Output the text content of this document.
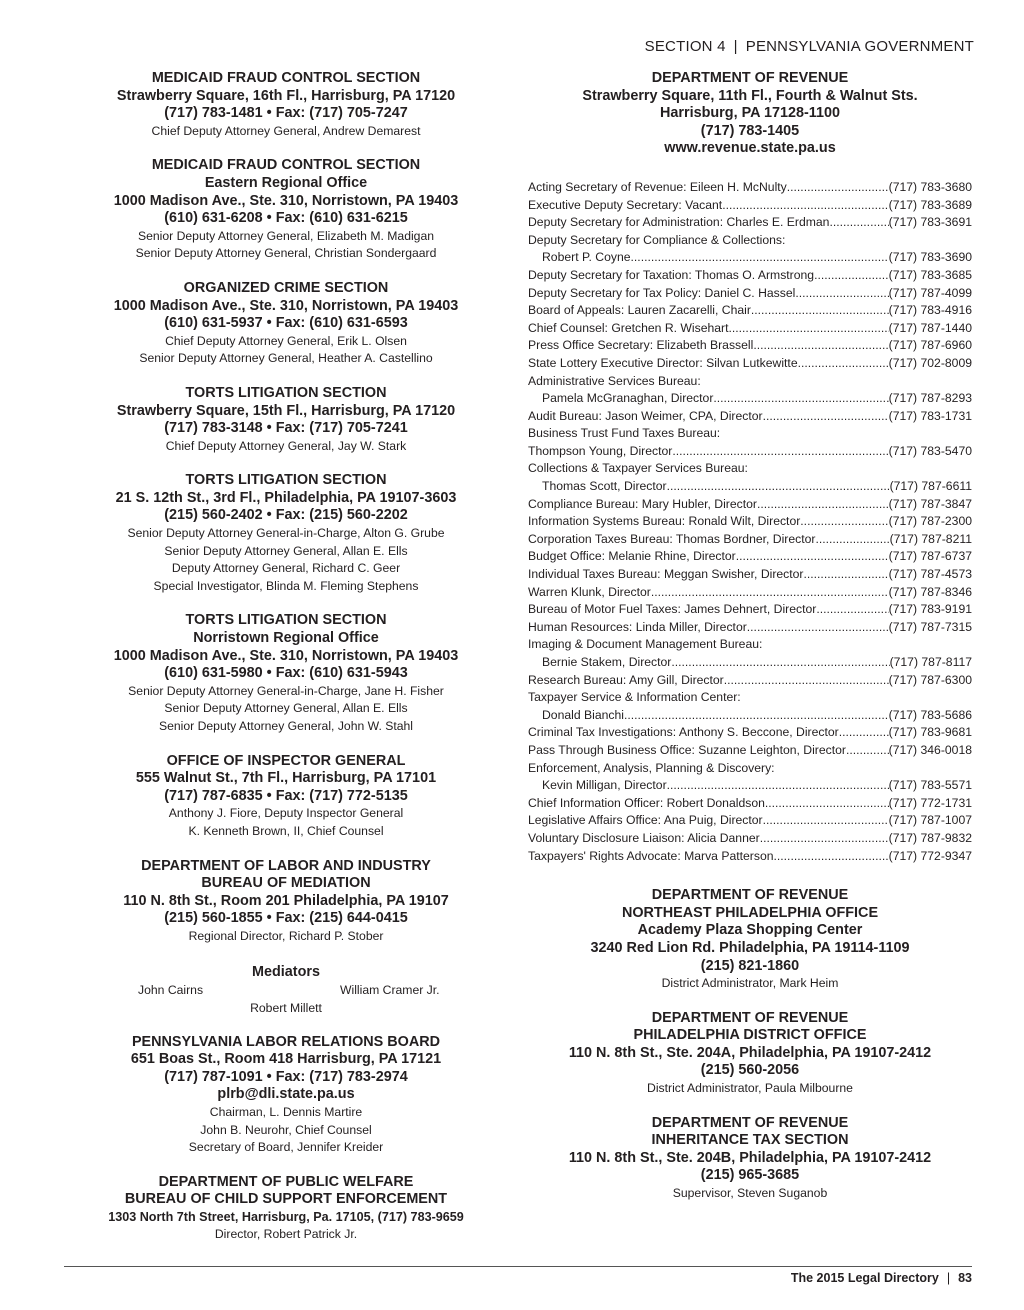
SECTION 4 | PENNSYLVANIA GOVERNMENT
MEDICAID FRAUD CONTROL SECTION
Strawberry Square, 16th Fl., Harrisburg, PA 17120
(717) 783-1481 • Fax: (717) 705-7247
Chief Deputy Attorney General, Andrew Demarest
MEDICAID FRAUD CONTROL SECTION
Eastern Regional Office
1000 Madison Ave., Ste. 310, Norristown, PA 19403
(610) 631-6208 • Fax: (610) 631-6215
Senior Deputy Attorney General, Elizabeth M. Madigan
Senior Deputy Attorney General, Christian Sondergaard
ORGANIZED CRIME SECTION
1000 Madison Ave., Ste. 310, Norristown, PA 19403
(610) 631-5937 • Fax: (610) 631-6593
Chief Deputy Attorney General, Erik L. Olsen
Senior Deputy Attorney General, Heather A. Castellino
TORTS LITIGATION SECTION
Strawberry Square, 15th Fl., Harrisburg, PA 17120
(717) 783-3148 • Fax: (717) 705-7241
Chief Deputy Attorney General, Jay W. Stark
TORTS LITIGATION SECTION
21 S. 12th St., 3rd Fl., Philadelphia, PA 19107-3603
(215) 560-2402 • Fax: (215) 560-2202
Senior Deputy Attorney General-in-Charge, Alton G. Grube
Senior Deputy Attorney General, Allan E. Ells
Deputy Attorney General, Richard C. Geer
Special Investigator, Blinda M. Fleming Stephens
TORTS LITIGATION SECTION
Norristown Regional Office
1000 Madison Ave., Ste. 310, Norristown, PA 19403
(610) 631-5980 • Fax: (610) 631-5943
Senior Deputy Attorney General-in-Charge, Jane H. Fisher
Senior Deputy Attorney General, Allan E. Ells
Senior Deputy Attorney General, John W. Stahl
OFFICE OF INSPECTOR GENERAL
555 Walnut St., 7th Fl., Harrisburg, PA 17101
(717) 787-6835 • Fax: (717) 772-5135
Anthony J. Fiore, Deputy Inspector General
K. Kenneth Brown, II, Chief Counsel
DEPARTMENT OF LABOR AND INDUSTRY
BUREAU OF MEDIATION
110 N. 8th St., Room 201 Philadelphia, PA 19107
(215) 560-1855 • Fax: (215) 644-0415
Regional Director, Richard P. Stober
Mediators
John Cairns	William Cramer Jr.
Robert Millett
PENNSYLVANIA LABOR RELATIONS BOARD
651 Boas St., Room 418 Harrisburg, PA 17121
(717) 787-1091 • Fax: (717) 783-2974
plrb@dli.state.pa.us
Chairman, L. Dennis Martire
John B. Neurohr, Chief Counsel
Secretary of Board, Jennifer Kreider
DEPARTMENT OF PUBLIC WELFARE
BUREAU OF CHILD SUPPORT ENFORCEMENT
1303 North 7th Street, Harrisburg, Pa. 17105, (717) 783-9659
Director, Robert Patrick Jr.
DEPARTMENT OF REVENUE
Strawberry Square, 11th Fl., Fourth & Walnut Sts.
Harrisburg, PA 17128-1100
(717) 783-1405
www.revenue.state.pa.us
Acting Secretary of Revenue: Eileen H. McNulty .....	(717) 783-3680
Executive Deputy Secretary: Vacant .....	(717) 783-3689
Deputy Secretary for Administration: Charles E. Erdman .....	(717) 783-3691
Deputy Secretary for Compliance & Collections:
Robert P. Coyne .....	(717) 783-3690
Deputy Secretary for Taxation: Thomas O. Armstrong .....	(717) 783-3685
Deputy Secretary for Tax Policy: Daniel C. Hassel .....	(717) 787-4099
Board of Appeals: Lauren Zacarelli, Chair .....	(717) 783-4916
Chief Counsel: Gretchen R. Wisehart .....	(717) 787-1440
Press Office Secretary: Elizabeth Brassell .....	(717) 787-6960
State Lottery Executive Director: Silvan Lutkewitte .....	(717) 702-8009
Administrative Services Bureau:
Pamela McGranaghan, Director .....	(717) 787-8293
Audit Bureau: Jason Weimer, CPA, Director .....	(717) 783-1731
Business Trust Fund Taxes Bureau:
Thompson Young, Director .....	(717) 783-5470
Collections & Taxpayer Services Bureau:
Thomas Scott, Director .....	(717) 787-6611
Compliance Bureau: Mary Hubler, Director .....	(717) 787-3847
Information Systems Bureau: Ronald Wilt, Director .....	(717) 787-2300
Corporation Taxes Bureau: Thomas Bordner, Director .....	(717) 787-8211
Budget Office: Melanie Rhine, Director .....	(717) 787-6737
Individual Taxes Bureau: Meggan Swisher, Director .....	(717) 787-4573
Warren Klunk, Director .....	(717) 787-8346
Bureau of Motor Fuel Taxes: James Dehnert, Director .....	(717) 783-9191
Human Resources: Linda Miller, Director .....	(717) 787-7315
Imaging & Document Management Bureau:
Bernie Stakem, Director .....	(717) 787-8117
Research Bureau: Amy Gill, Director .....	(717) 787-6300
Taxpayer Service & Information Center:
Donald Bianchi .....	(717) 783-5686
Criminal Tax Investigations: Anthony S. Beccone, Director .....	(717) 783-9681
Pass Through Business Office: Suzanne Leighton, Director .....	(717) 346-0018
Enforcement, Analysis, Planning & Discovery:
Kevin Milligan, Director .....	(717) 783-5571
Chief Information Officer: Robert Donaldson .....	(717) 772-1731
Legislative Affairs Office: Ana Puig, Director .....	(717) 787-1007
Voluntary Disclosure Liaison: Alicia Danner .....	(717) 787-9832
Taxpayers' Rights Advocate: Marva Patterson .....	(717) 772-9347
DEPARTMENT OF REVENUE
NORTHEAST PHILADELPHIA OFFICE
Academy Plaza Shopping Center
3240 Red Lion Rd. Philadelphia, PA 19114-1109
(215) 821-1860
District Administrator, Mark Heim
DEPARTMENT OF REVENUE
PHILADELPHIA DISTRICT OFFICE
110 N. 8th St., Ste. 204A, Philadelphia, PA 19107-2412
(215) 560-2056
District Administrator, Paula Milbourne
DEPARTMENT OF REVENUE
INHERITANCE TAX SECTION
110 N. 8th St., Ste. 204B, Philadelphia, PA 19107-2412
(215) 965-3685
Supervisor, Steven Suganob
The 2015 Legal Directory | 83
